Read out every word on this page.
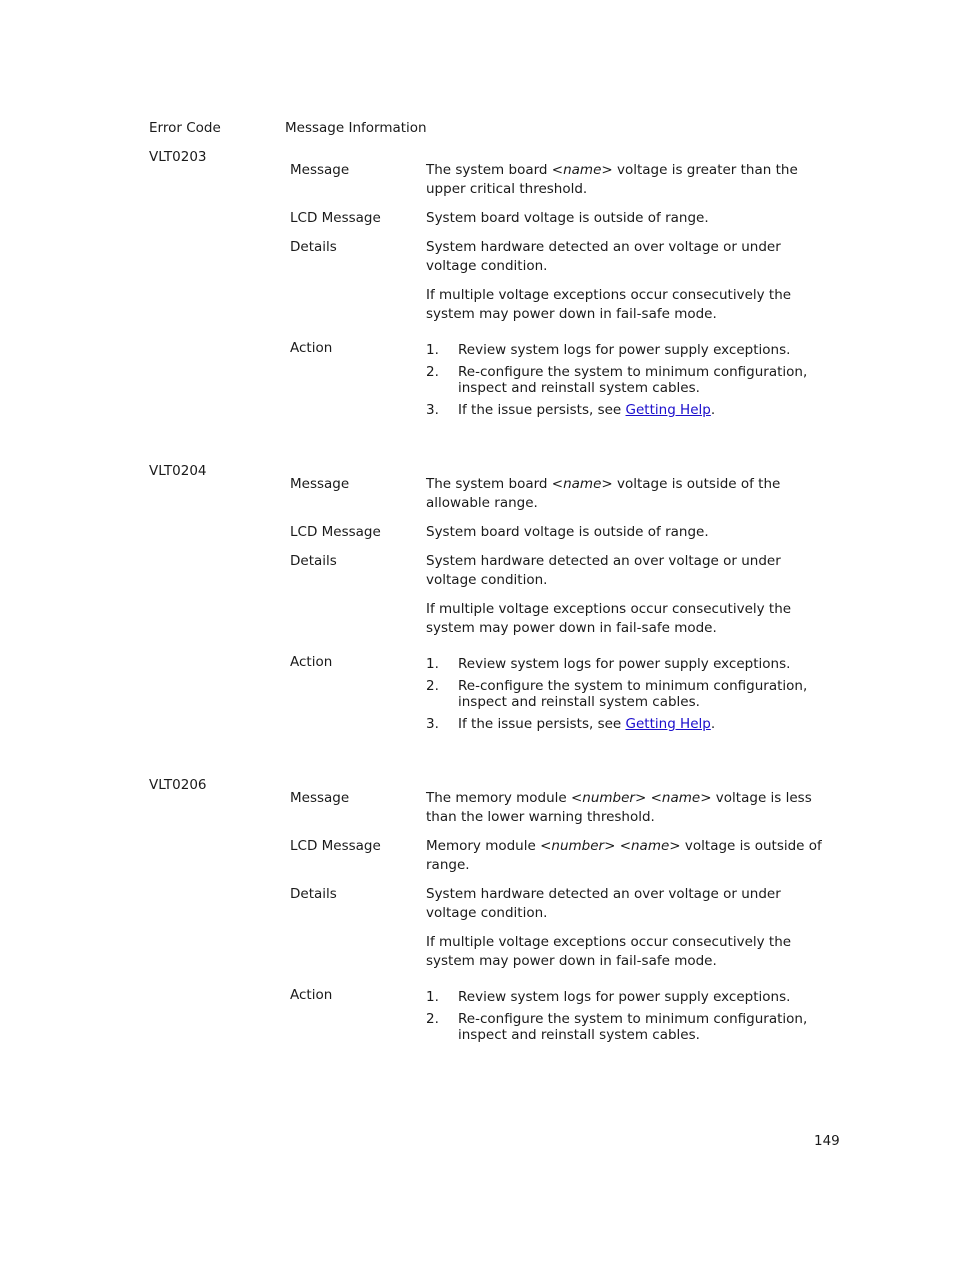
Error Code	Message Information
VLT0203
Message	The system board <name> voltage is greater than the upper critical threshold.

LCD Message	System board voltage is outside of range.

Details	System hardware detected an over voltage or under voltage condition.

If multiple voltage exceptions occur consecutively the system may power down in fail-safe mode.

Action	1. Review system logs for power supply exceptions.
2. Re-configure the system to minimum configuration, inspect and reinstall system cables.
3. If the issue persists, see Getting Help.
VLT0204
Message	The system board <name> voltage is outside of the allowable range.

LCD Message	System board voltage is outside of range.

Details	System hardware detected an over voltage or under voltage condition.

If multiple voltage exceptions occur consecutively the system may power down in fail-safe mode.

Action	1. Review system logs for power supply exceptions.
2. Re-configure the system to minimum configuration, inspect and reinstall system cables.
3. If the issue persists, see Getting Help.
VLT0206
Message	The memory module <number> <name> voltage is less than the lower warning threshold.

LCD Message	Memory module <number> <name> voltage is outside of range.

Details	System hardware detected an over voltage or under voltage condition.

If multiple voltage exceptions occur consecutively the system may power down in fail-safe mode.

Action	1. Review system logs for power supply exceptions.
2. Re-configure the system to minimum configuration, inspect and reinstall system cables.
149
